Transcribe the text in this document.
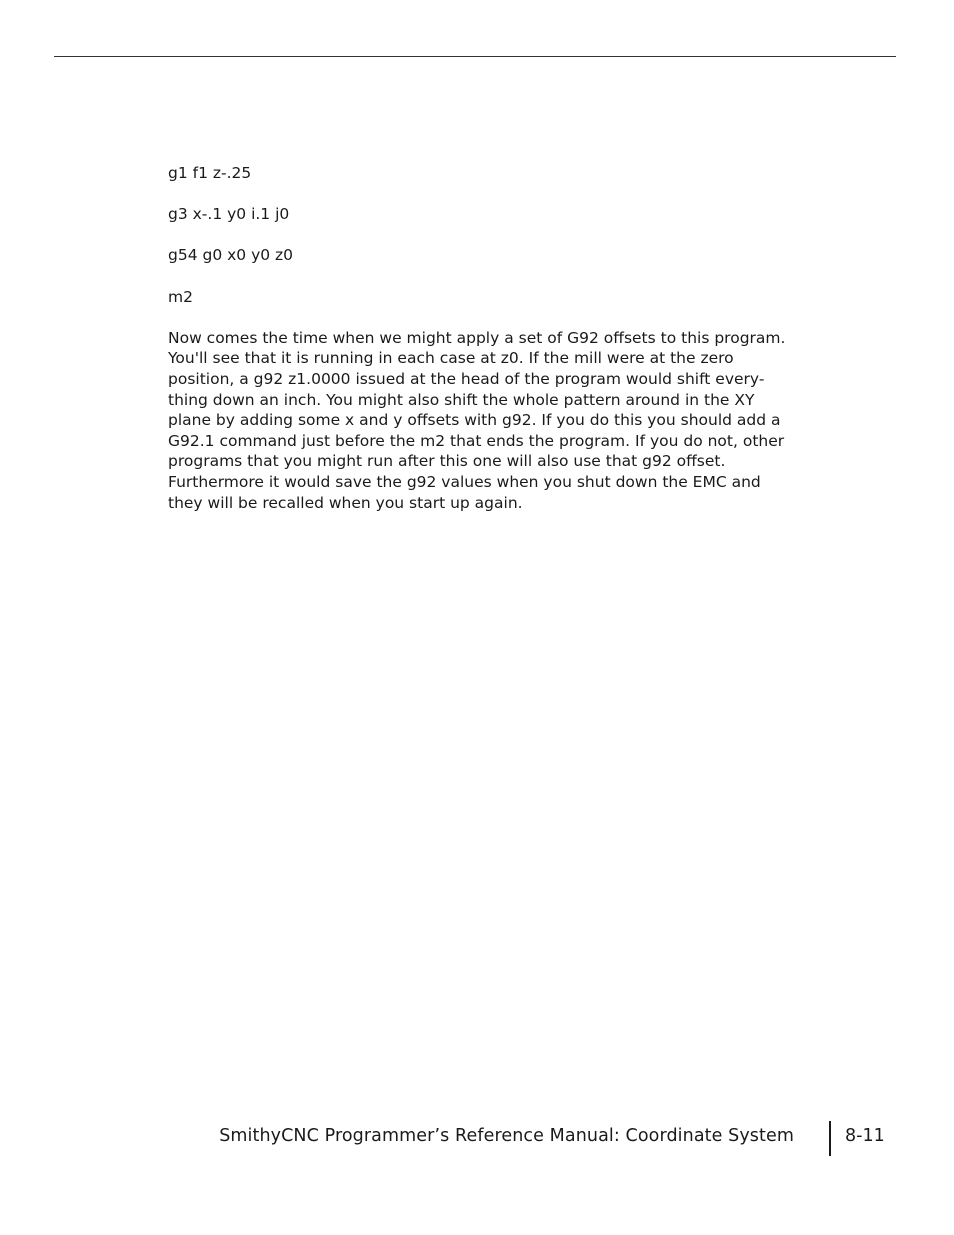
g1 f1 z-.25
g3 x-.1 y0 i.1 j0
g54 g0 x0 y0 z0
m2

Now comes the time when we might apply a set of G92 offsets to this program.
You'll see that it is running in each case at z0. If the mill were at the zero
position, a g92 z1.0000 issued at the head of the program would shift every-
thing down an inch. You might also shift the whole pattern around in the XY
plane by adding some x and y offsets with g92. If you do this you should add a
G92.1 command just before the m2 that ends the program. If you do not, other
programs that you might run after this one will also use that g92 offset.
Furthermore it would save the g92 values when you shut down the EMC and
they will be recalled when you start up again.

SmithyCNC Programmer’s Reference Manual: Coordinate System	8-11
